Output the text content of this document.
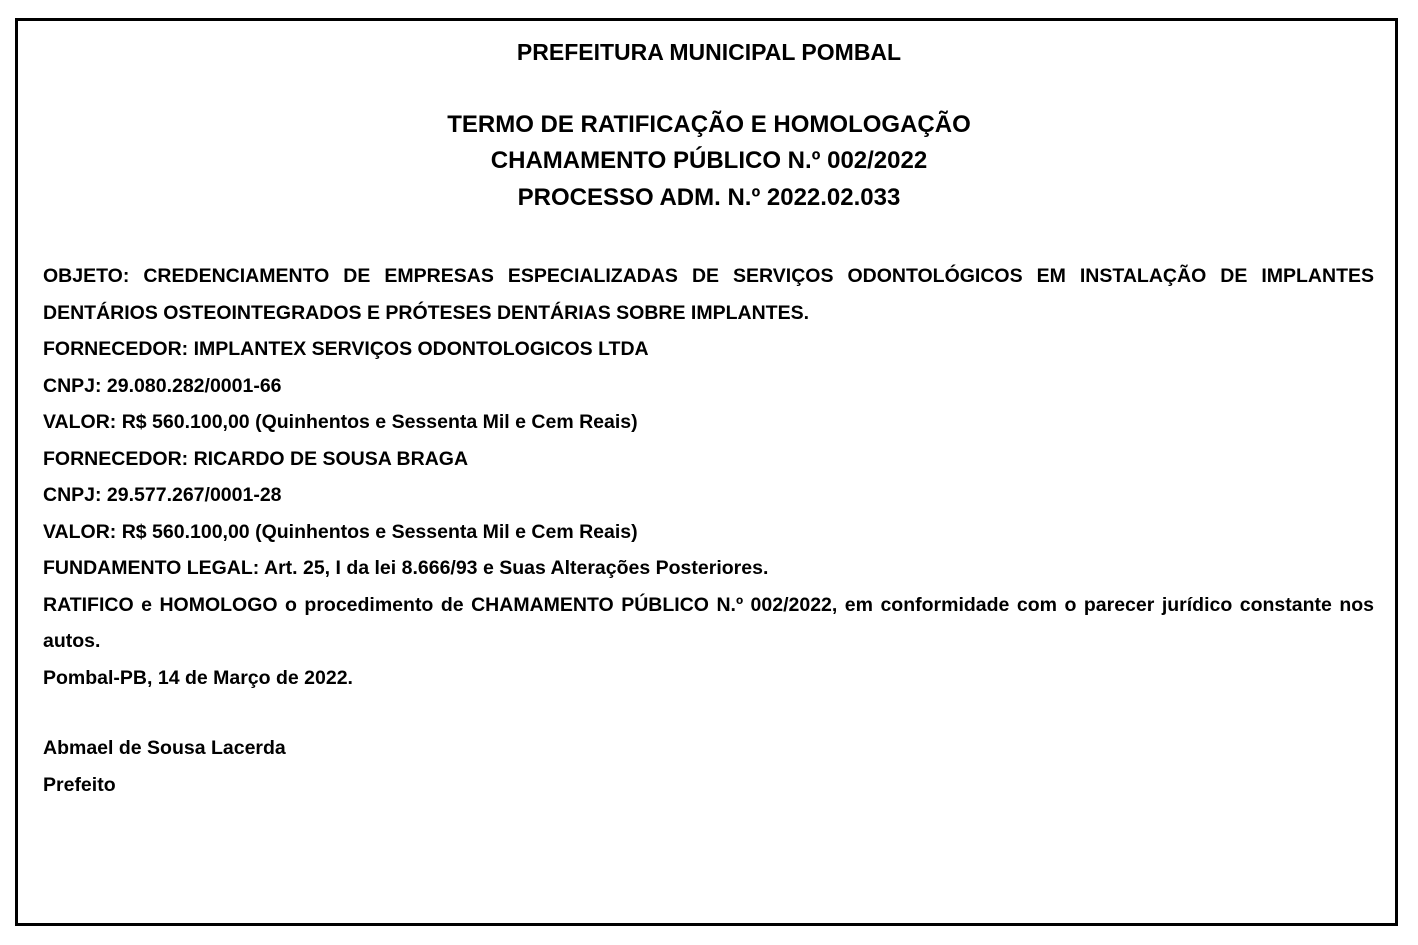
PREFEITURA MUNICIPAL POMBAL
TERMO DE RATIFICAÇÃO E HOMOLOGAÇÃO
CHAMAMENTO PÚBLICO N.º 002/2022
PROCESSO ADM. N.º 2022.02.033

OBJETO: CREDENCIAMENTO DE EMPRESAS ESPECIALIZADAS DE SERVIÇOS ODONTOLÓGICOS EM INSTALAÇÃO DE IMPLANTES DENTÁRIOS OSTEOINTEGRADOS E PRÓTESES DENTÁRIAS SOBRE IMPLANTES.

FORNECEDOR: IMPLANTEX SERVIÇOS ODONTOLOGICOS LTDA

CNPJ: 29.080.282/0001-66

VALOR: R$ 560.100,00 (Quinhentos e Sessenta Mil e Cem Reais)

FORNECEDOR: RICARDO DE SOUSA BRAGA

CNPJ: 29.577.267/0001-28

VALOR: R$ 560.100,00 (Quinhentos e Sessenta Mil e Cem Reais)

FUNDAMENTO LEGAL: Art. 25, I da lei 8.666/93 e Suas Alterações Posteriores.

RATIFICO e HOMOLOGO o procedimento de CHAMAMENTO PÚBLICO N.º 002/2022, em conformidade com o parecer jurídico constante nos autos.

Pombal-PB, 14 de Março de 2022.

Abmael de Sousa Lacerda

Prefeito
